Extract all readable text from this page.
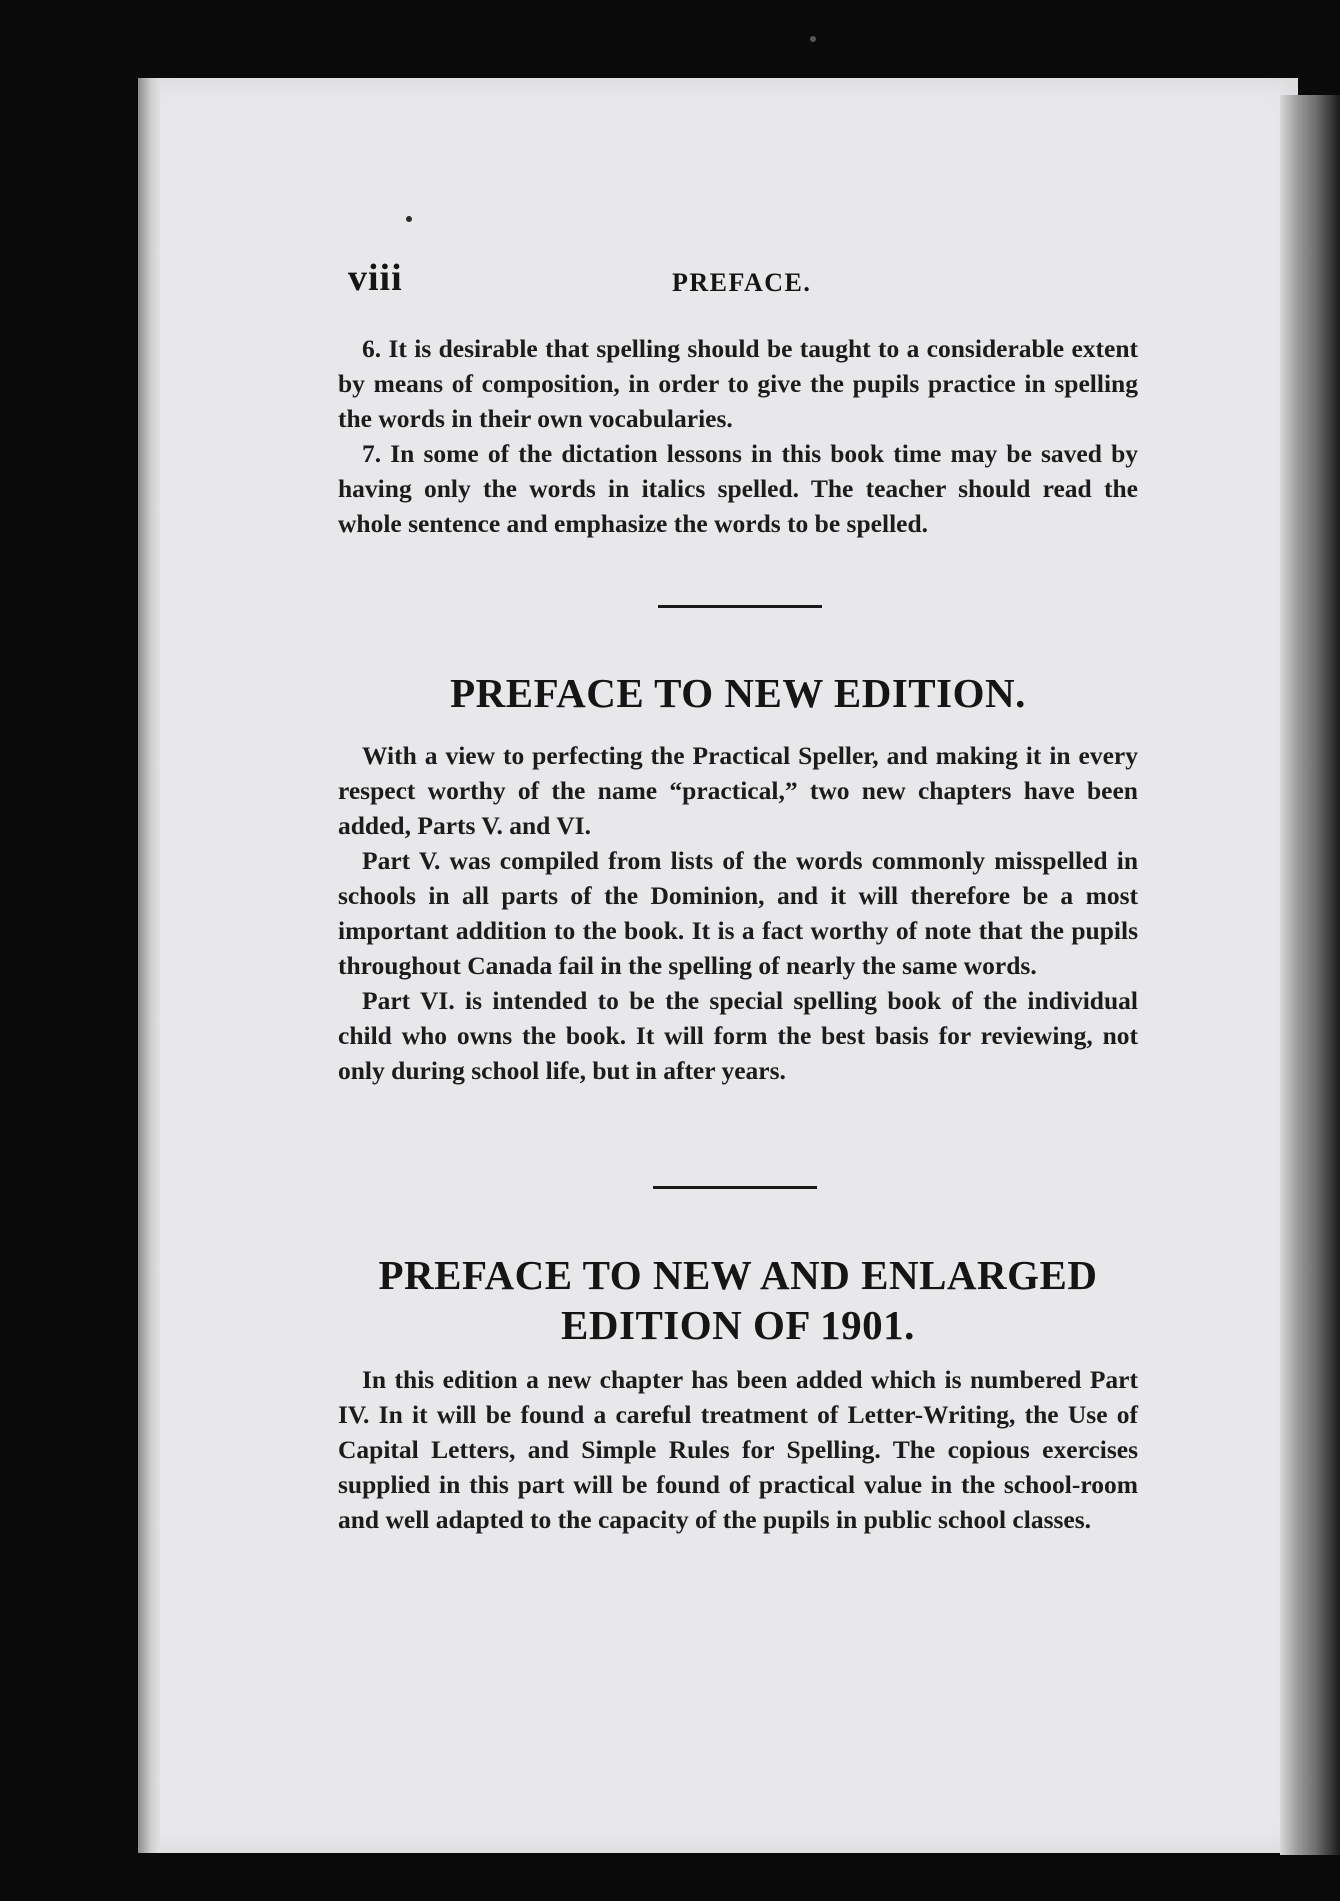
viii	PREFACE.

6. It is desirable that spelling should be taught to a considerable extent by means of composition, in order to give the pupils practice in spelling the words in their own vocabularies.

7. In some of the dictation lessons in this book time may be saved by having only the words in italics spelled. The teacher should read the whole sentence and emphasize the words to be spelled.

PREFACE TO NEW EDITION.

With a view to perfecting the Practical Speller, and making it in every respect worthy of the name “practical,” two new chapters have been added, Parts V. and VI.

Part V. was compiled from lists of the words commonly misspelled in schools in all parts of the Dominion, and it will therefore be a most important addition to the book. It is a fact worthy of note that the pupils throughout Canada fail in the spelling of nearly the same words.

Part VI. is intended to be the special spelling book of the individual child who owns the book. It will form the best basis for reviewing, not only during school life, but in after years.

PREFACE TO NEW AND ENLARGED
EDITION OF 1901.

In this edition a new chapter has been added which is numbered Part IV. In it will be found a careful treatment of Letter-Writing, the Use of Capital Letters, and Simple Rules for Spelling. The copious exercises supplied in this part will be found of practical value in the school-room and well adapted to the capacity of the pupils in public school classes.
